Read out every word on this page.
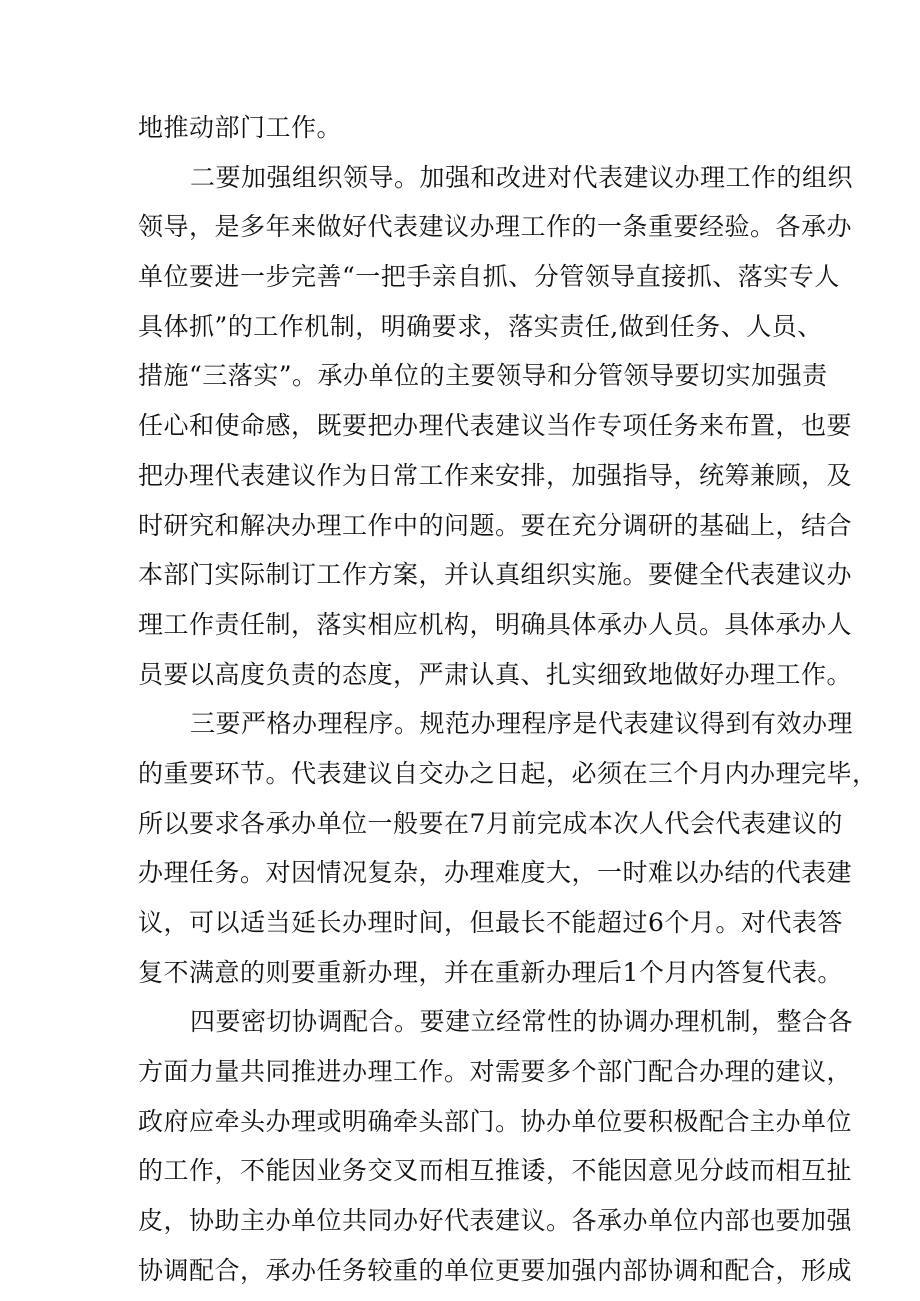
地推动部门工作。
二要加强组织领导。加强和改进对代表建议办理工作的组织
领导，是多年来做好代表建议办理工作的一条重要经验。各承办
单位要进一步完善“一把手亲自抓、分管领导直接抓、落实专人
具体抓”的工作机制，明确要求，落实责任,做到任务、人员、
措施“三落实”。承办单位的主要领导和分管领导要切实加强责
任心和使命感，既要把办理代表建议当作专项任务来布置，也要
把办理代表建议作为日常工作来安排，加强指导，统筹兼顾，及
时研究和解决办理工作中的问题。要在充分调研的基础上，结合
本部门实际制订工作方案，并认真组织实施。要健全代表建议办
理工作责任制，落实相应机构，明确具体承办人员。具体承办人
员要以高度负责的态度，严肃认真、扎实细致地做好办理工作。
三要严格办理程序。规范办理程序是代表建议得到有效办理
的重要环节。代表建议自交办之日起，必须在三个月内办理完毕，
所以要求各承办单位一般要在7月前完成本次人代会代表建议的
办理任务。对因情况复杂，办理难度大，一时难以办结的代表建
议，可以适当延长办理时间，但最长不能超过6个月。对代表答
复不满意的则要重新办理，并在重新办理后1个月内答复代表。
四要密切协调配合。要建立经常性的协调办理机制，整合各
方面力量共同推进办理工作。对需要多个部门配合办理的建议，
政府应牵头办理或明确牵头部门。协办单位要积极配合主办单位
的工作，不能因业务交叉而相互推诿，不能因意见分歧而相互扯
皮，协助主办单位共同办好代表建议。各承办单位内部也要加强
协调配合，承办任务较重的单位更要加强内部协调和配合，形成
